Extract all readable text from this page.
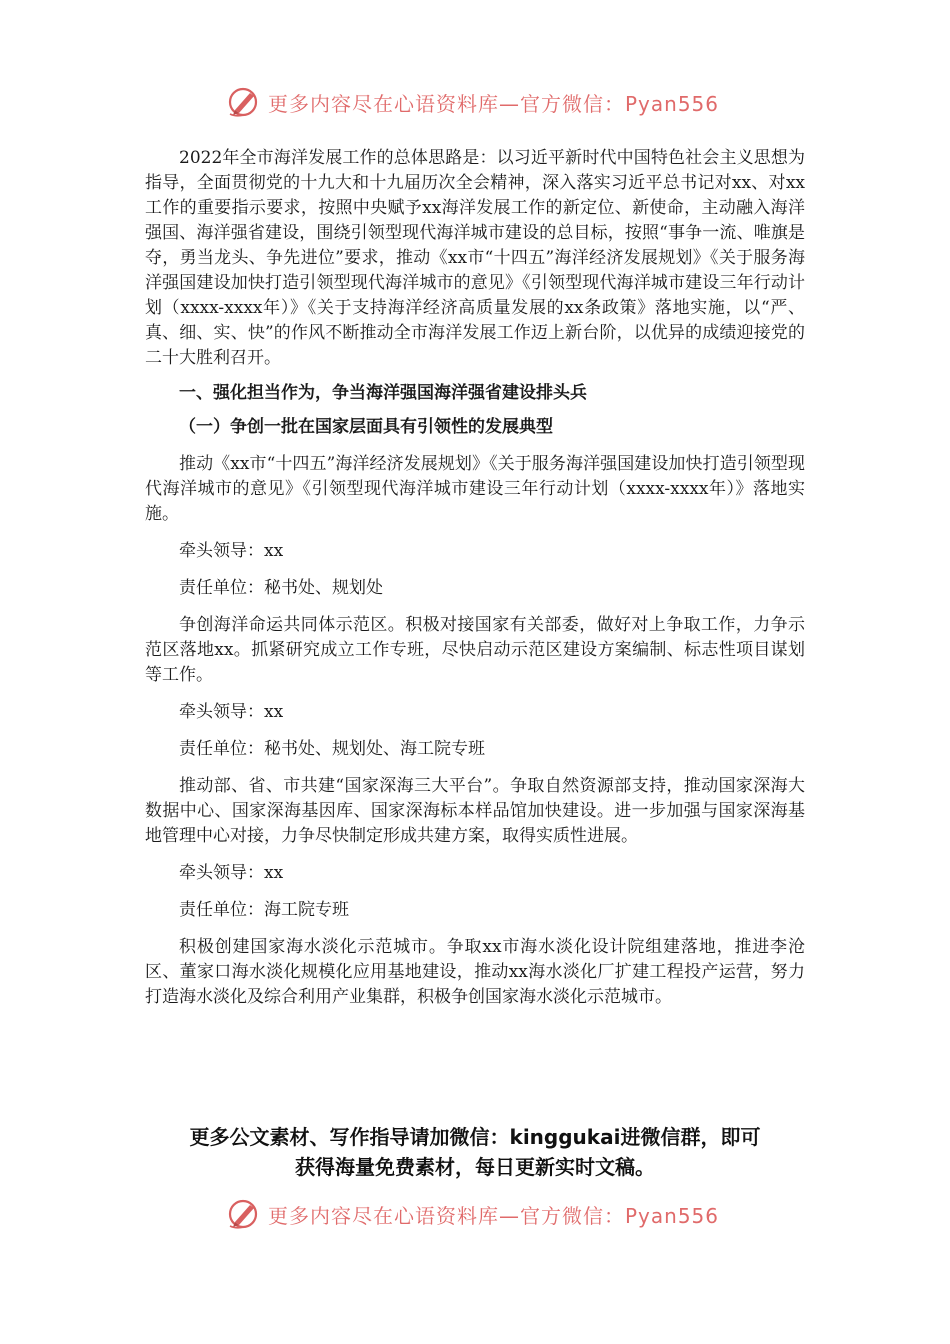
更多内容尽在心语资料库—官方微信：Pyan556

2022年全市海洋发展工作的总体思路是：以习近平新时代中国特色社会主义思想为指导，全面贯彻党的十九大和十九届历次全会精神，深入落实习近平总书记对xx、对xx工作的重要指示要求，按照中央赋予xx海洋发展工作的新定位、新使命，主动融入海洋强国、海洋强省建设，围绕引领型现代海洋城市建设的总目标，按照“事争一流、唯旗是夺，勇当龙头、争先进位”要求，推动《xx市“十四五”海洋经济发展规划》《关于服务海洋强国建设加快打造引领型现代海洋城市的意见》《引领型现代海洋城市建设三年行动计划（xxxx-xxxx年）》《关于支持海洋经济高质量发展的xx条政策》落地实施，以“严、真、细、实、快”的作风不断推动全市海洋发展工作迈上新台阶，以优异的成绩迎接党的二十大胜利召开。

一、强化担当作为，争当海洋强国海洋强省建设排头兵

（一）争创一批在国家层面具有引领性的发展典型

推动《xx市“十四五”海洋经济发展规划》《关于服务海洋强国建设加快打造引领型现代海洋城市的意见》《引领型现代海洋城市建设三年行动计划（xxxx-xxxx年）》落地实施。

牵头领导：xx

责任单位：秘书处、规划处

争创海洋命运共同体示范区。积极对接国家有关部委，做好对上争取工作，力争示范区落地xx。抓紧研究成立工作专班，尽快启动示范区建设方案编制、标志性项目谋划等工作。

牵头领导：xx

责任单位：秘书处、规划处、海工院专班

推动部、省、市共建“国家深海三大平台”。争取自然资源部支持，推动国家深海大数据中心、国家深海基因库、国家深海标本样品馆加快建设。进一步加强与国家深海基地管理中心对接，力争尽快制定形成共建方案，取得实质性进展。

牵头领导：xx

责任单位：海工院专班

积极创建国家海水淡化示范城市。争取xx市海水淡化设计院组建落地，推进李沧区、董家口海水淡化规模化应用基地建设，推动xx海水淡化厂扩建工程投产运营，努力打造海水淡化及综合利用产业集群，积极争创国家海水淡化示范城市。

更多公文素材、写作指导请加微信：kinggukai进微信群，即可
获得海量免费素材，每日更新实时文稿。
更多内容尽在心语资料库—官方微信：Pyan556
